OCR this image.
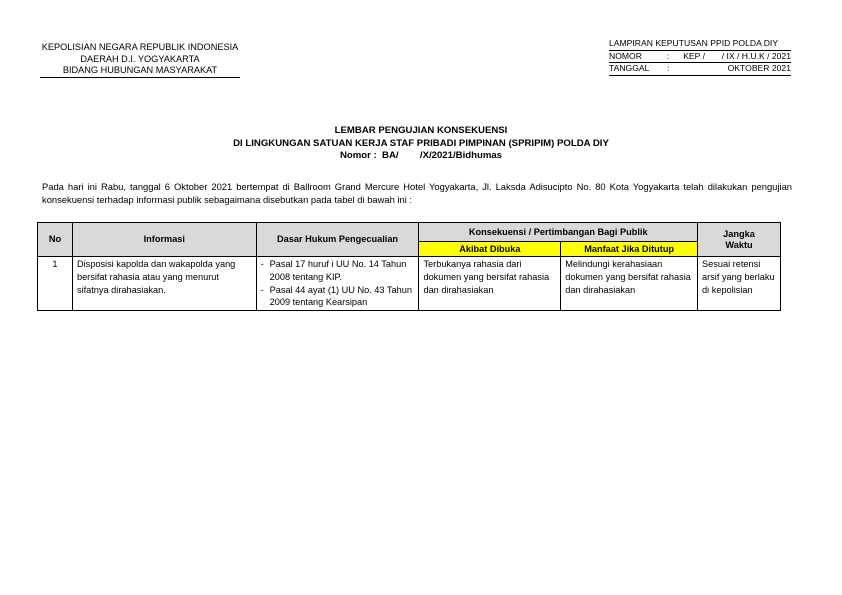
KEPOLISIAN NEGARA REPUBLIK INDONESIA
DAERAH D.I. YOGYAKARTA
BIDANG HUBUNGAN MASYARAKAT
LAMPIRAN KEPUTUSAN PPID POLDA DIY
NOMOR	:	KEP /       / IX / H.U.K / 2021
TANGGAL	:	OKTOBER 2021
LEMBAR PENGUJIAN KONSEKUENSI
DI LINGKUNGAN SATUAN KERJA STAF PRIBADI PIMPINAN (SPRIPIM) POLDA DIY
Nomor :  BA/        /X/2021/Bidhumas
Pada hari ini Rabu, tanggal 6 Oktober 2021 bertempat di Ballroom Grand Mercure Hotel Yogyakarta, Jl. Laksda Adisucipto No. 80 Kota Yogyakarta telah dilakukan pengujian konsekuensi terhadap informasi publik sebagaimana disebutkan pada tabel di bawah ini :
No	Informasi	Dasar Hukum Pengecualian	Konsekuensi / Pertimbangan Bagi Publik		Jangka Waktu
			Akibat Dibuka	Manfaat Jika Ditutup	
1	Disposisi kapolda dan wakapolda yang bersifat rahasia atau yang menurut sifatnya dirahasiakan.	- Pasal 17 huruf i UU No. 14 Tahun 2008 tentang KIP.
- Pasal 44 ayat (1) UU No. 43 Tahun 2009 tentang Kearsipan	Terbukanya rahasia dari dokumen yang bersifat rahasia dan dirahasiakan	Melindungi kerahasiaan dokumen yang bersifat rahasia dan dirahasiakan	Sesuai retensi arsif yang berlaku di kepolisian
